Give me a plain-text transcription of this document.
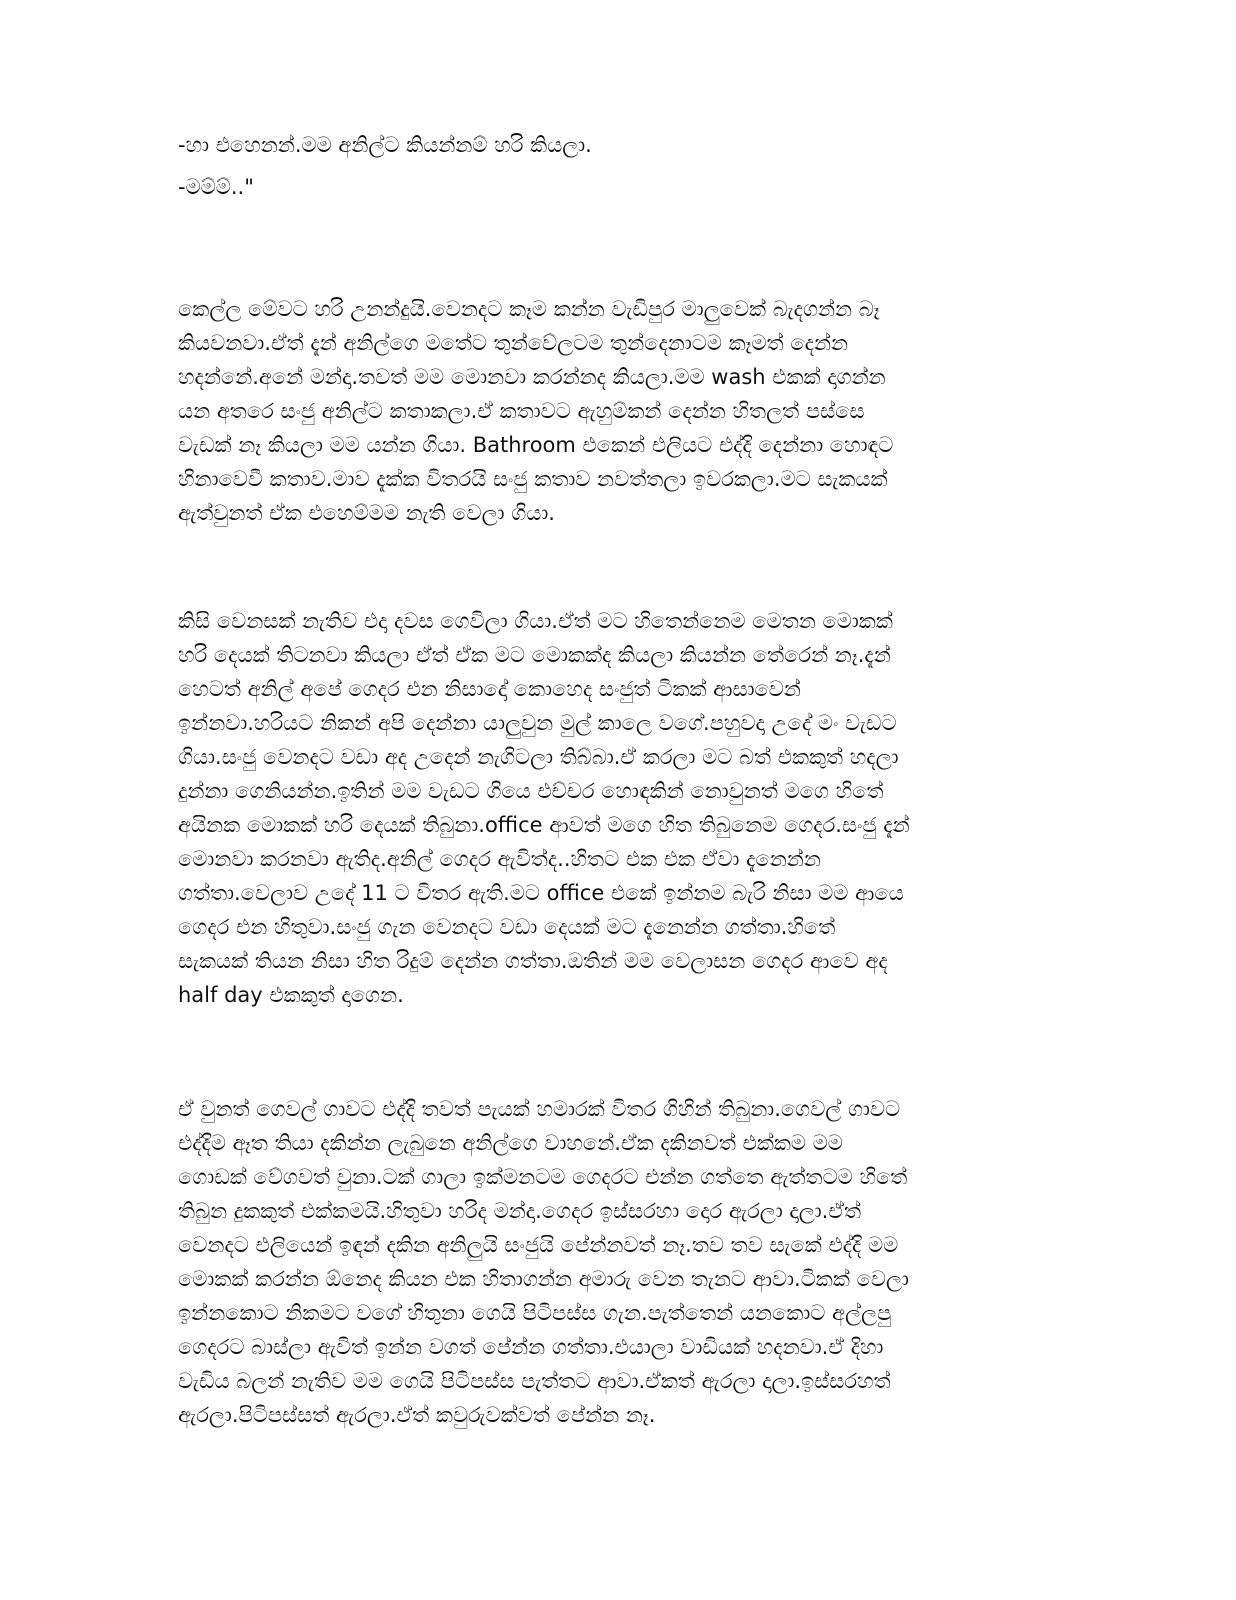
-හා එහෙනන්.මම අනිල්ට කියන්නම් හරි කියලා.

-මම්ම්.."

කෙල්ල මේවට හරි උනන්දුයි.වෙනදට කෑම කන්න වැඩිපුර මාලුවෙක් බැදගන්න බෑ

කියවනවා.ඒත් දැන් අනිල්ගෙ මතේට තුන්වේලටම තුන්දෙනාටම කෑමත් දෙන්න

හදන්නේ.අනේ මන්දා.තවත් මම මොනවා කරන්නද කියලා.මම wash එකක් දාගන්න

යන අතරෙ සංජු අනිල්ට කතාකලා.ඒ කතාවට ඇහුම්කන් දෙන්න හිතලත් පස්සෙ

වැඩක් නෑ කියලා මම යන්න ගියා. Bathroom එකෙන් එලියට එද්දි දෙන්නා හොඳට

හිනාවෙවී කතාව.මාව දැක්ක විතරයි සංජු කතාව නවත්තලා ඉවරකලා.මට සැකයක්

ඇත්වුනත් ඒක එහෙම්මම නැති වෙලා ගියා.

කිසි වෙනසක් නැතිව එදා දවස ගෙවිලා ගියා.ඒත් මට හිතෙන්නෙම මෙතන මොකක්

හරි දෙයක් තිටනවා කියලා ඒත් ඒක මට මොකක්ද කියලා කියන්න තේරෙන් නෑ.දැන්

හෙටත් අනිල් අපේ ගෙදර එන නිසාදෝ කොහෙද සංජුත් ටිකක් ආසාවෙන්

ඉන්නවා.හරියට නිකන් අපි දෙන්නා යාලුවුන මුල් කාලෙ වගේ.පහුවදා උදේ මං වැඩට

ගියා.සංජු වෙනදට වඩා අද උදෙන් නැගිටලා තිබ්බා.ඒ කරලා මට බත් එකකුත් හදලා

දුන්නා ගෙනියන්න.ඉතින් මම වැඩට ගියෙ එච්චර හොඳකින් නොවුනත් මගෙ හිතේ

අයිනක මොකක් හරි දෙයක් තිබුනා.office ආවත් මගෙ හිත තිබුනෙම ගෙදර.සංජු දැන්

මොනවා කරනවා ඇතිද.අනිල් ගෙදර ඇවිත්ද..හිතට එක එක ඒවා දැනෙන්න

ගත්තා.වෙලාව උදේ 11 ට විතර ඇති.මට office එකේ ඉන්නම බැරි නිසා මම ආයෙ

ගෙදර එන හිතුවා.සංජු ගැන වෙනදට වඩා දෙයක් මට දැනෙන්න ගත්තා.හිතේ

සැකයක් තියන නිසා හිත රිදුම් දෙන්න ගත්තා.ඔතින් මම වෙලාසන ගෙදර ආවෙ අද

half day එකකුත් දාගෙන.

ඒ වුනත් ගෙවල් ගාවට එද්දි තවත් පැයක් හමාරක් විතර ගිහින් තිබුනා.ගෙවල් ගාවට

එද්දිම ඈත තියා දකින්න ලැබුනෙ අනිල්ගෙ වාහනේ.ඒක දකිනවත් එක්කම මම

ගොඩක් වේගවත් වුනා.ටක් ගාලා ඉක්මනටම ගෙදරට එන්න ගත්තෙ ඇත්තටම හිතේ

තිබුන දුකකුත් එක්කමයි.හිතුවා හරිද මන්දා.ගෙදර ඉස්සරහා දොර ඇරලා දාලා.ඒත්

වෙනදට එලියෙන් ඉඳන් දකින අනිලුයි සංජුයි පේන්නවත් නෑ.තව තව සැකේ එද්දි මම

මොකක් කරන්න ඕනෙද කියන එක හිතාගන්න අමාරු වෙන තැනට ආවා.ටිකක් වෙලා

ඉන්නකොට නිකමට වගේ හිතුනා ගෙයි පිටිපස්ස ගැන.පැත්තෙන් යනකොට අල්ලපු

ගෙදරට බාස්ලා ඇවිත් ඉන්න වගත් පේන්න ගත්තා.එයාලා වාඩියක් හදනවා.ඒ දිහා

වැඩිය බලන් නැතිව මම ගෙයි පිටිපස්ස පැත්තට ආවා.ඒකත් ඇරලා දාලා.ඉස්සරහත්

ඇරලා.පිටිපස්සත් ඇරලා.ඒත් කවුරුවක්වත් පේන්න නෑ.
